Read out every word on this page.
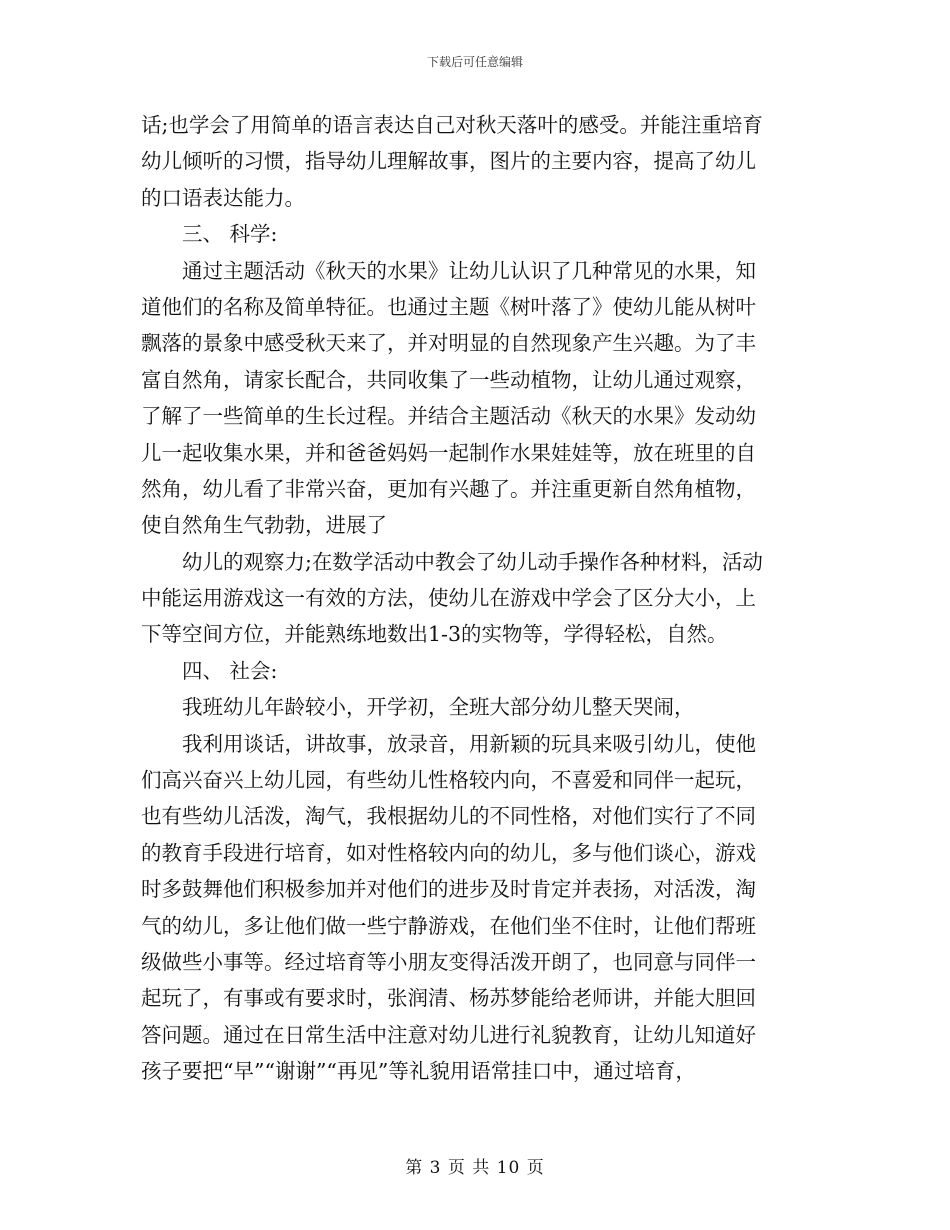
下载后可任意编辑
话;也学会了用简单的语言表达自己对秋天落叶的感受。并能注重培育
幼儿倾听的习惯，指导幼儿理解故事，图片的主要内容，提高了幼儿
的口语表达能力。
三、 科学:
通过主题活动《秋天的水果》让幼儿认识了几种常见的水果，知
道他们的名称及简单特征。也通过主题《树叶落了》使幼儿能从树叶
飘落的景象中感受秋天来了，并对明显的自然现象产生兴趣。为了丰
富自然角，请家长配合，共同收集了一些动植物，让幼儿通过观察，
了解了一些简单的生长过程。并结合主题活动《秋天的水果》发动幼
儿一起收集水果，并和爸爸妈妈一起制作水果娃娃等，放在班里的自
然角，幼儿看了非常兴奋，更加有兴趣了。并注重更新自然角植物，
使自然角生气勃勃，进展了
幼儿的观察力;在数学活动中教会了幼儿动手操作各种材料，活动
中能运用游戏这一有效的方法，使幼儿在游戏中学会了区分大小，上
下等空间方位，并能熟练地数出1-3的实物等，学得轻松，自然。
四、 社会:
我班幼儿年龄较小，开学初，全班大部分幼儿整天哭闹，
我利用谈话，讲故事，放录音，用新颖的玩具来吸引幼儿，使他
们高兴奋兴上幼儿园，有些幼儿性格较内向，不喜爱和同伴一起玩，
也有些幼儿活泼，淘气，我根据幼儿的不同性格，对他们实行了不同
的教育手段进行培育，如对性格较内向的幼儿，多与他们谈心，游戏
时多鼓舞他们积极参加并对他们的进步及时肯定并表扬，对活泼，淘
气的幼儿，多让他们做一些宁静游戏，在他们坐不住时，让他们帮班
级做些小事等。经过培育等小朋友变得活泼开朗了，也同意与同伴一
起玩了，有事或有要求时，张润清、杨苏梦能给老师讲，并能大胆回
答问题。通过在日常生活中注意对幼儿进行礼貌教育，让幼儿知道好
孩子要把“早”“谢谢”“再见”等礼貌用语常挂口中，通过培育，
第 3 页 共 10 页
